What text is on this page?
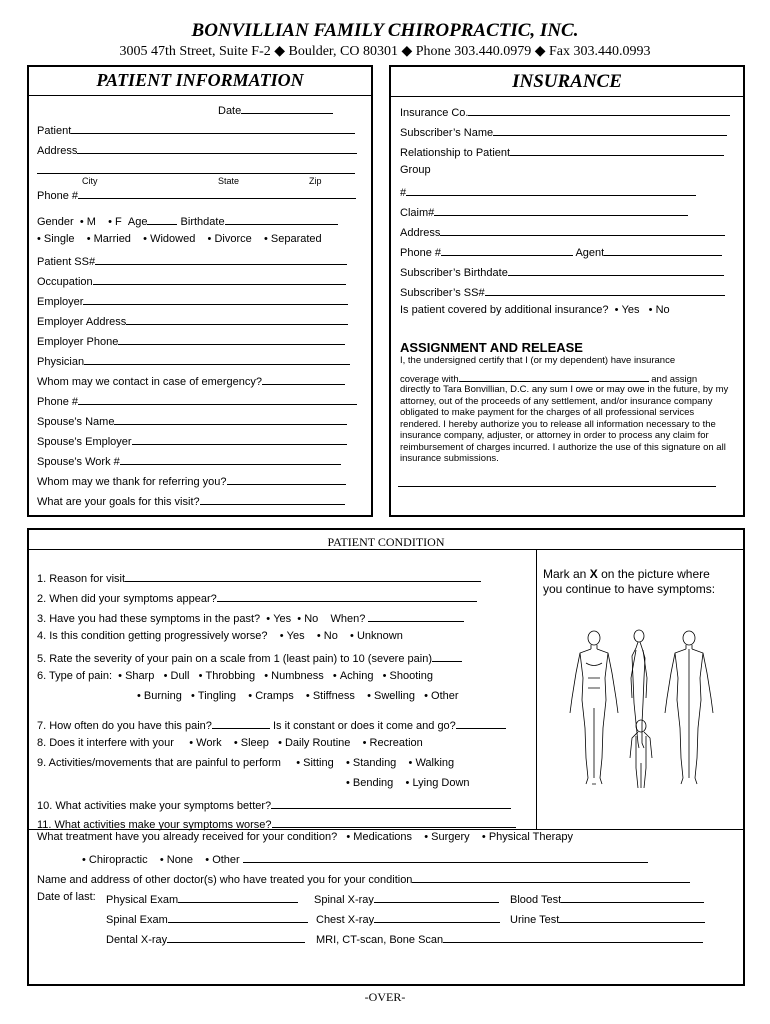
BONVILLIAN FAMILY CHIROPRACTIC, INC.
3005 47th Street, Suite F-2 ◆ Boulder, CO 80301 ◆ Phone 303.440.0979 ◆ Fax 303.440.0993
PATIENT INFORMATION
Date
Patient
Address
City	State	Zip
Phone #
Gender  • M    • F Age	Birthdate
• Single    • Married    • Widowed    • Divorce    • Separated
Patient SS#
Occupation
Employer
Employer Address
Employer Phone
Physician
Whom may we contact in case of emergency?
Phone #
Spouse’s Name
Spouse’s Employer
Spouse’s Work #
Whom may we thank for referring you?
What are your goals for this visit?
INSURANCE
Insurance Co.
Subscriber’s Name
Relationship to Patient
Group
#
Claim#
Address
Phone #	Agent
Subscriber’s Birthdate
Subscriber’s SS#
Is patient covered by additional insurance?  • Yes   • No
ASSIGNMENT AND RELEASE
I, the undersigned certify that I (or my dependent) have insurance
coverage with	and assign
directly to Tara Bonvillian, D.C. any sum I owe or may owe in the future, by my attorney, out of the proceeds of any settlement, and/or insurance company obligated to make payment for the charges of all professional services rendered. I hereby authorize you to release all information necessary to the insurance company, adjuster, or attorney in order to process any claim for reimbursement of charges incurred. I authorize the use of this signature on all insurance submissions.
PATIENT CONDITION
1. Reason for visit
2. When did your symptoms appear?
3. Have you had these symptoms in the past?  • Yes  • No When?
4. Is this condition getting progressively worse?    • Yes    • No    • Unknown
5. Rate the severity of your pain on a scale from 1 (least pain) to 10 (severe pain)
6. Type of pain:  • Sharp   • Dull   • Throbbing   • Numbness   • Aching   • Shooting
• Burning   • Tingling    • Cramps    • Stiffness    • Swelling   • Other
7. How often do you have this pain?	Is it constant or does it come and go?
8. Does it interfere with your     • Work    • Sleep   • Daily Routine    • Recreation
9. Activities/movements that are painful to perform     • Sitting    • Standing    • Walking
• Bending    • Lying Down
10. What activities make your symptoms better?
11. What activities make your symptoms worse?
Mark an X on the picture where
you continue to have symptoms:
What treatment have you already received for your condition?   • Medications    • Surgery    • Physical Therapy
• Chiropractic    • None    • Other
Name and address of other doctor(s) who have treated you for your condition
Date of last: Physical Exam	Spinal X-ray	Blood Test
Spinal Exam	Chest X-ray	Urine Test
Dental X-ray	MRI, CT-scan, Bone Scan
-OVER-
